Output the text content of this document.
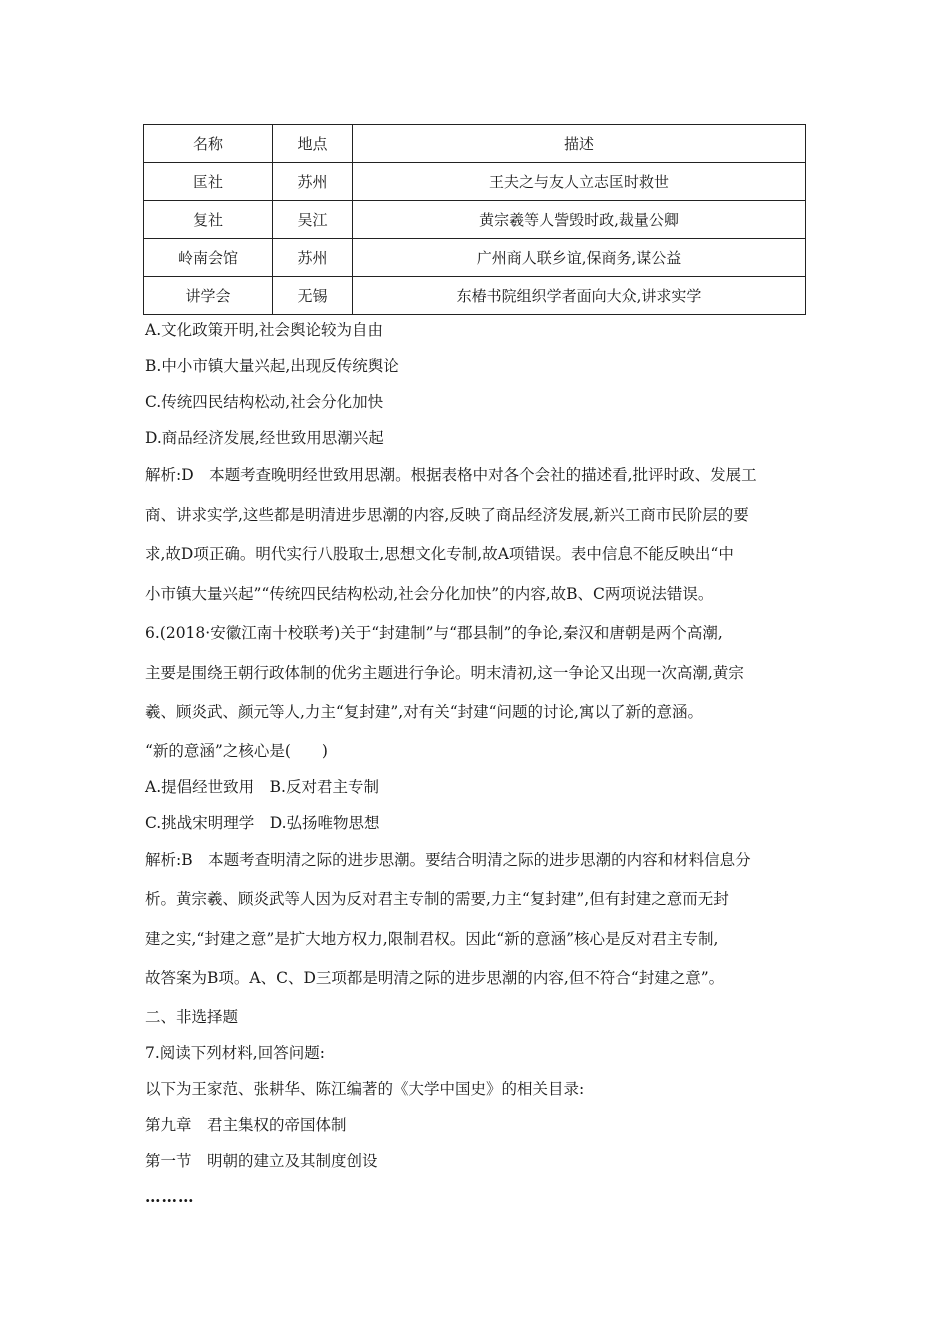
名称	地点	描述
匡社	苏州	王夫之与友人立志匡时救世
复社	吴江	黄宗羲等人訾毁时政,裁量公卿
岭南会馆	苏州	广州商人联乡谊,保商务,谋公益
讲学会	无锡	东椿书院组织学者面向大众,讲求实学
A.文化政策开明,社会舆论较为自由
B.中小市镇大量兴起,出现反传统舆论
C.传统四民结构松动,社会分化加快
D.商品经济发展,经世致用思潮兴起
解析:D　本题考查晚明经世致用思潮。根据表格中对各个会社的描述看,批评时政、发展工
商、讲求实学,这些都是明清进步思潮的内容,反映了商品经济发展,新兴工商市民阶层的要
求,故D项正确。明代实行八股取士,思想文化专制,故A项错误。表中信息不能反映出“中
小市镇大量兴起”“传统四民结构松动,社会分化加快”的内容,故B、C两项说法错误。
6.(2018·安徽江南十校联考)关于“封建制”与“郡县制”的争论,秦汉和唐朝是两个高潮,
主要是围绕王朝行政体制的优劣主题进行争论。明末清初,这一争论又出现一次高潮,黄宗
羲、顾炎武、颜元等人,力主“复封建”,对有关“封建“问题的讨论,寓以了新的意涵。
“新的意涵”之核心是(　　)
A.提倡经世致用　B.反对君主专制
C.挑战宋明理学　D.弘扬唯物思想
解析:B　本题考查明清之际的进步思潮。要结合明清之际的进步思潮的内容和材料信息分
析。黄宗羲、顾炎武等人因为反对君主专制的需要,力主“复封建”,但有封建之意而无封
建之实,“封建之意”是扩大地方权力,限制君权。因此“新的意涵”核心是反对君主专制,
故答案为B项。A、C、D三项都是明清之际的进步思潮的内容,但不符合“封建之意”。
二、非选择题
7.阅读下列材料,回答问题:
以下为王家范、张耕华、陈江编著的《大学中国史》的相关目录:
第九章　君主集权的帝国体制
第一节　明朝的建立及其制度创设
………
